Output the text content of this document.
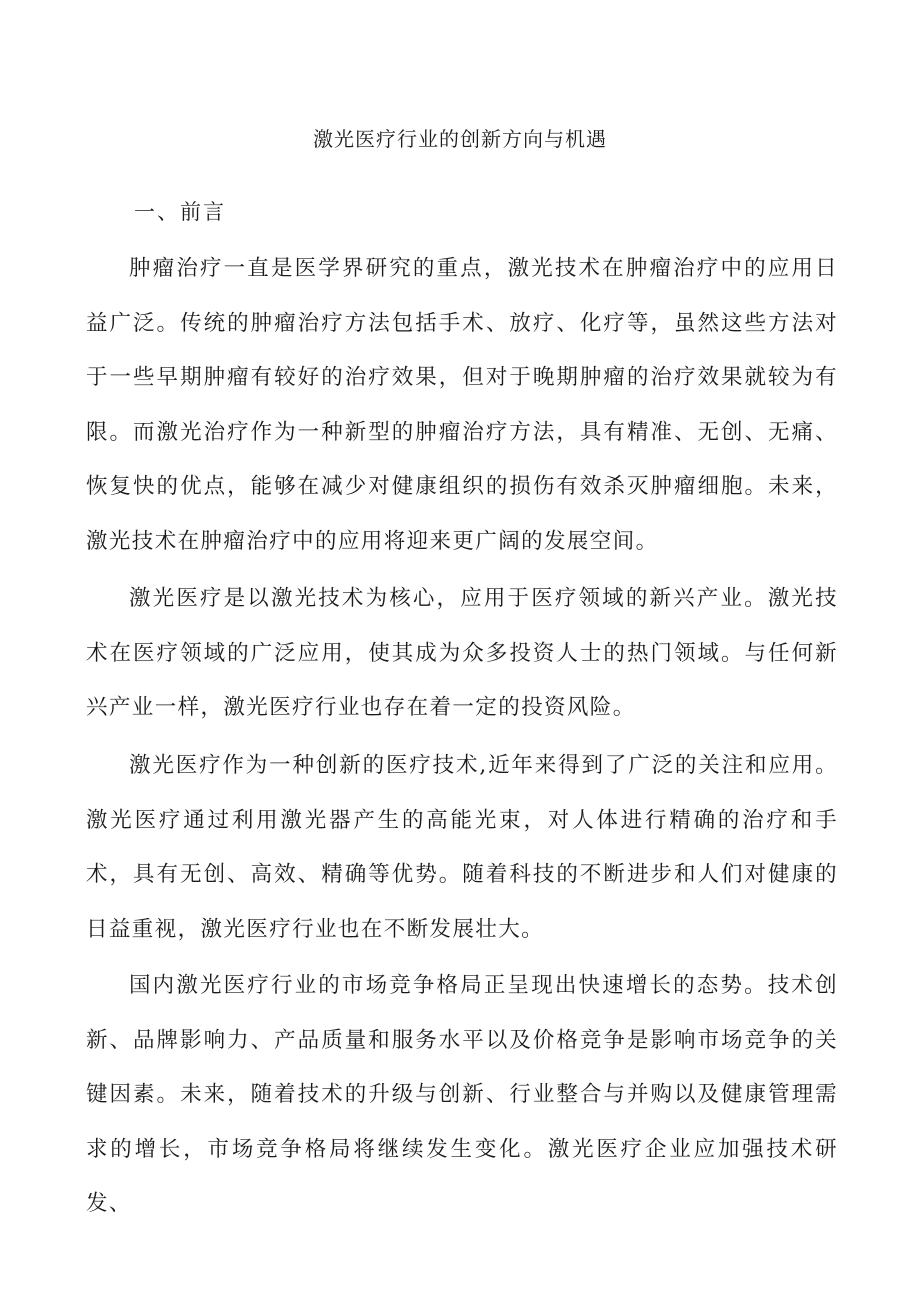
激光医疗行业的创新方向与机遇
一、前言

肿瘤治疗一直是医学界研究的重点，激光技术在肿瘤治疗中的应用日益广泛。传统的肿瘤治疗方法包括手术、放疗、化疗等，虽然这些方法对于一些早期肿瘤有较好的治疗效果，但对于晚期肿瘤的治疗效果就较为有限。而激光治疗作为一种新型的肿瘤治疗方法，具有精准、无创、无痛、恢复快的优点，能够在减少对健康组织的损伤有效杀灭肿瘤细胞。未来，激光技术在肿瘤治疗中的应用将迎来更广阔的发展空间。

激光医疗是以激光技术为核心，应用于医疗领域的新兴产业。激光技术在医疗领域的广泛应用，使其成为众多投资人士的热门领域。与任何新兴产业一样，激光医疗行业也存在着一定的投资风险。

激光医疗作为一种创新的医疗技术,近年来得到了广泛的关注和应用。激光医疗通过利用激光器产生的高能光束，对人体进行精确的治疗和手术，具有无创、高效、精确等优势。随着科技的不断进步和人们对健康的日益重视，激光医疗行业也在不断发展壮大。

国内激光医疗行业的市场竞争格局正呈现出快速增长的态势。技术创新、品牌影响力、产品质量和服务水平以及价格竞争是影响市场竞争的关键因素。未来，随着技术的升级与创新、行业整合与并购以及健康管理需求的增长，市场竞争格局将继续发生变化。激光医疗企业应加强技术研发、
